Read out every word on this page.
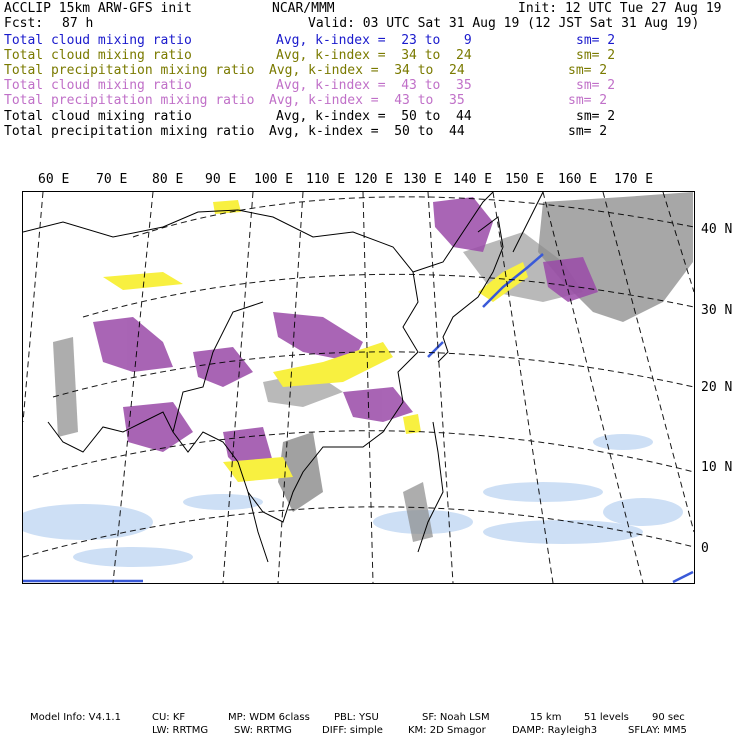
ACCLIP 15km ARW-GFS init	NCAR/MMM	Init: 12 UTC Tue 27 Aug 19
Fcst: 87 h	Valid: 03 UTC Sat 31 Aug 19 (12 JST Sat 31 Aug 19)
Total cloud mixing ratio	Avg, k-index =  23 to   9	sm= 2
Total cloud mixing ratio	Avg, k-index =  34 to  24	sm= 2
Total precipitation mixing ratio Avg, k-index =  34 to  24	sm= 2
Total cloud mixing ratio	Avg, k-index =  43 to  35	sm= 2
Total precipitation mixing ratio Avg, k-index =  43 to  35	sm= 2
Total cloud mixing ratio	Avg, k-index =  50 to  44	sm= 2
Total precipitation mixing ratio Avg, k-index =  50 to  44	sm= 2
60 E 70 E 80 E 90 E 100 E 110 E 120 E 130 E 140 E 150 E 160 E 170 E
40 N
30 N
20 N
10 N
0
Model Info: V4.1.1	CU: KF	MP: WDM 6class PBL: YSU	SF: Noah LSM	15 km 51 levels 90 sec
LW: RRTMG	SW: RRTMG	DIFF: simple	KM: 2D Smagor	DAMP: Rayleigh3	SFLAY: MM5
